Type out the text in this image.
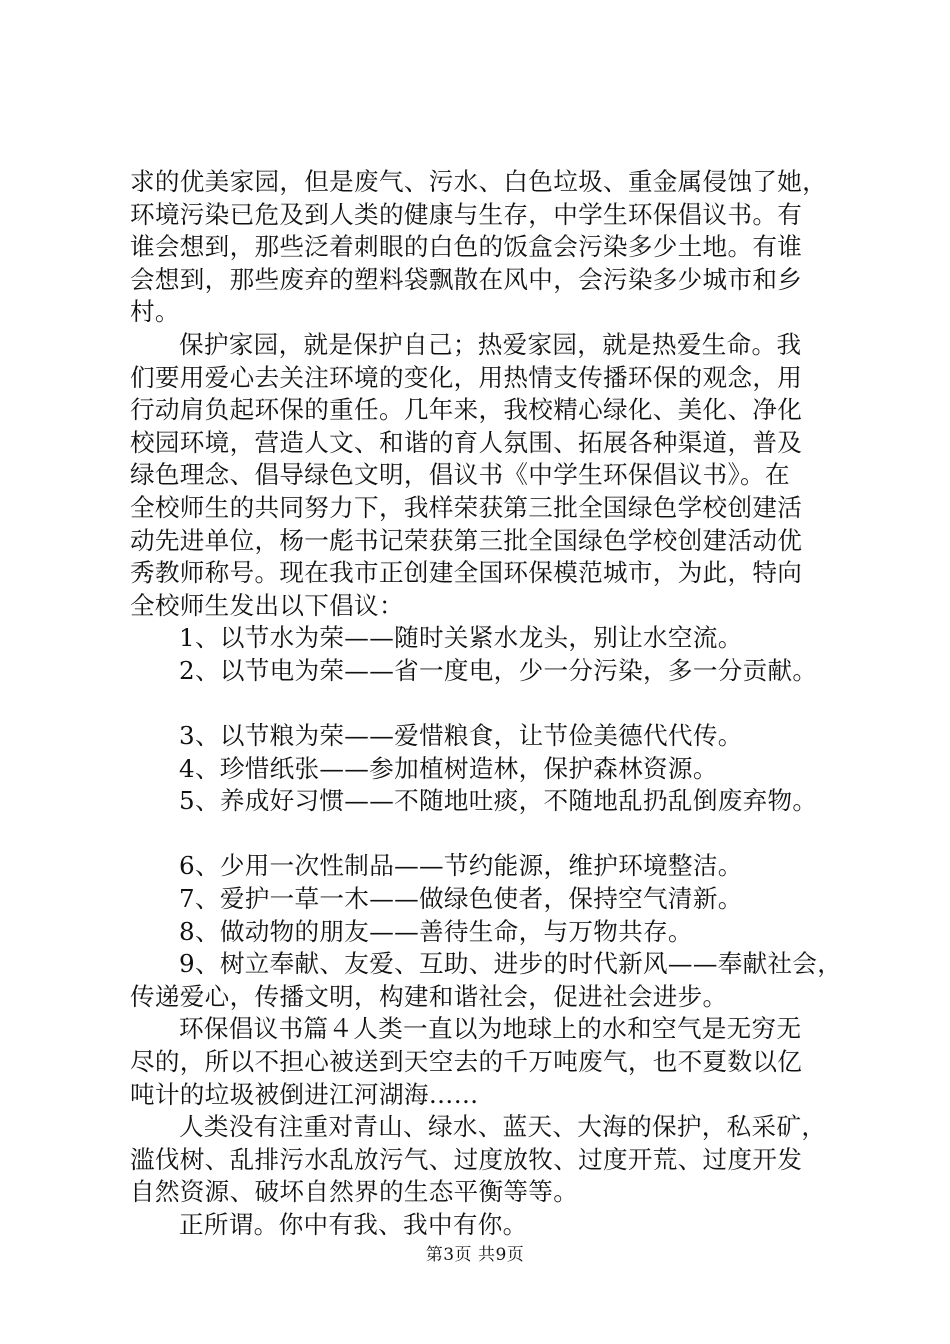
求的优美家园，但是废气、污水、白色垃圾、重金属侵蚀了她，
环境污染已危及到人类的健康与生存，中学生环保倡议书。有
谁会想到，那些泛着刺眼的白色的饭盒会污染多少土地。有谁
会想到，那些废弃的塑料袋飘散在风中，会污染多少城市和乡
村。
保护家园，就是保护自己；热爱家园，就是热爱生命。我
们要用爱心去关注环境的变化，用热情支传播环保的观念，用
行动肩负起环保的重任。几年来，我校精心绿化、美化、净化
校园环境，营造人文、和谐的育人氛围、拓展各种渠道，普及
绿色理念、倡导绿色文明，倡议书《中学生环保倡议书》。在
全校师生的共同努力下，我样荣获第三批全国绿色学校创建活
动先进单位，杨一彪书记荣获第三批全国绿色学校创建活动优
秀教师称号。现在我市正创建全国环保模范城市，为此，特向
全校师生发出以下倡议：
1、以节水为荣——随时关紧水龙头，别让水空流。
2、以节电为荣——省一度电，少一分污染，多一分贡献。
3、以节粮为荣——爱惜粮食，让节俭美德代代传。
4、珍惜纸张——参加植树造林，保护森林资源。
5、养成好习惯——不随地吐痰，不随地乱扔乱倒废弃物。
6、少用一次性制品——节约能源，维护环境整洁。
7、爱护一草一木——做绿色使者，保持空气清新。
8、做动物的朋友——善待生命，与万物共存。
9、树立奉献、友爱、互助、进步的时代新风——奉献社会，
传递爱心，传播文明，构建和谐社会，促进社会进步。
环保倡议书篇４人类一直以为地球上的水和空气是无穷无
尽的，所以不担心被送到天空去的千万吨废气，也不夏数以亿
吨计的垃圾被倒进江河湖海……
人类没有注重对青山、绿水、蓝天、大海的保护，私采矿，
滥伐树、乱排污水乱放污气、过度放牧、过度开荒、过度开发
自然资源、破坏自然界的生态平衡等等。
正所谓。你中有我、我中有你。
第3页 共9页
